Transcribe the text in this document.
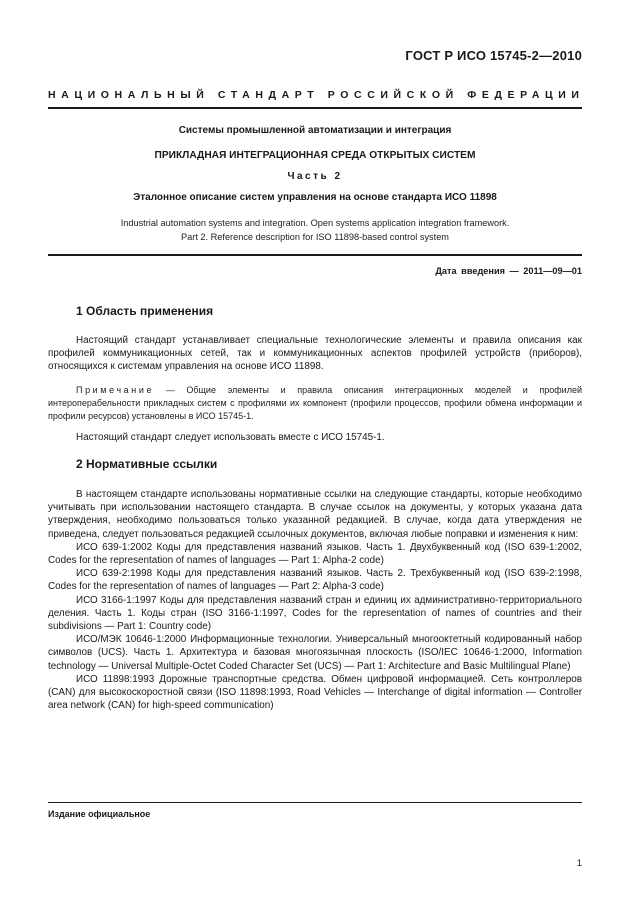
ГОСТ Р ИСО 15745-2—2010
НАЦИОНАЛЬНЫЙ СТАНДАРТ РОССИЙСКОЙ ФЕДЕРАЦИИ
Системы промышленной автоматизации и интеграция
ПРИКЛАДНАЯ ИНТЕГРАЦИОННАЯ СРЕДА ОТКРЫТЫХ СИСТЕМ
Часть 2
Эталонное описание систем управления на основе стандарта ИСО 11898
Industrial automation systems and integration. Open systems application integration framework.
Part 2. Reference description for ISO 11898-based control system
Дата введения — 2011—09—01
1 Область применения

Настоящий стандарт устанавливает специальные технологические элементы и правила описания как профилей коммуникационных сетей, так и коммуникационных аспектов профилей устройств (приборов), относящихся к системам управления на основе ИСО 11898.

Примечание — Общие элементы и правила описания интеграционных моделей и профилей интероперабельности прикладных систем с профилями их компонент (профили процессов, профили обмена информации и профили ресурсов) установлены в ИСО 15745-1.

Настоящий стандарт следует использовать вместе с ИСО 15745-1.

2 Нормативные ссылки

В настоящем стандарте использованы нормативные ссылки на следующие стандарты, которые необходимо учитывать при использовании настоящего стандарта. В случае ссылок на документы, у которых указана дата утверждения, необходимо пользоваться только указанной редакцией. В случае, когда дата утверждения не приведена, следует пользоваться редакцией ссылочных документов, включая любые поправки и изменения к ним:

ИСО 639-1:2002 Коды для представления названий языков. Часть 1. Двухбуквенный код (ISO 639-1:2002, Codes for the representation of names of languages — Part 1: Alpha-2 code)

ИСО 639-2:1998 Коды для представления названий языков. Часть 2. Трехбуквенный код (ISO 639-2:1998, Codes for the representation of names of languages — Part 2: Alpha-3 code)

ИСО 3166-1:1997 Коды для представления названий стран и единиц их административно-территориального деления. Часть 1. Коды стран (ISO 3166-1:1997, Codes for the representation of names of countries and their subdivisions — Part 1: Country code)

ИСО/МЭК 10646-1:2000 Информационные технологии. Универсальный многооктетный кодированный набор символов (UCS). Часть 1. Архитектура и базовая многоязычная плоскость (ISO/IEC 10646-1:2000, Information technology — Universal Multiple-Octet Coded Character Set (UCS) — Part 1: Architecture and Basic Multilingual Plane)

ИСО 11898:1993 Дорожные транспортные средства. Обмен цифровой информацией. Сеть контроллеров (CAN) для высокоскоростной связи (ISO 11898:1993, Road Vehicles — Interchange of digital information — Controller area network (CAN) for high-speed communication)

Издание официальное
1
